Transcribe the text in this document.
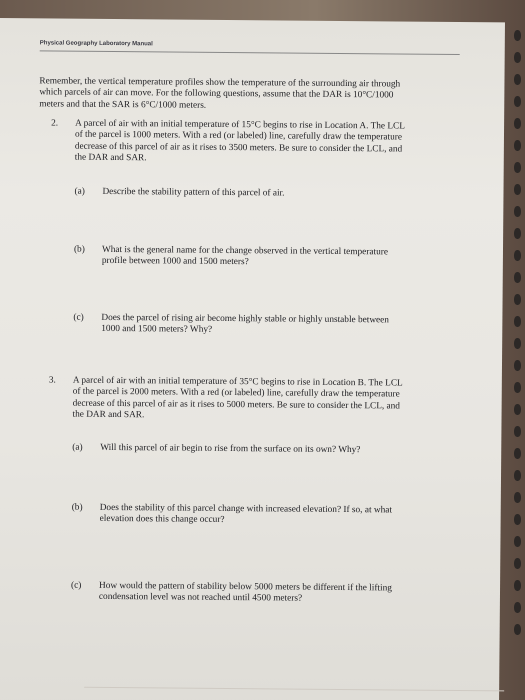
Physical Geography Laboratory Manual
Remember, the vertical temperature profiles show the temperature of the surrounding air through
which parcels of air can move. For the following questions, assume that the DAR is 10°C/1000
meters and that the SAR is 6°C/1000 meters.
2. A parcel of air with an initial temperature of 15°C begins to rise in Location A. The LCL
of the parcel is 1000 meters. With a red (or labeled) line, carefully draw the temperature
decrease of this parcel of air as it rises to 3500 meters. Be sure to consider the LCL, and
the DAR and SAR.
(a) Describe the stability pattern of this parcel of air.
(b) What is the general name for the change observed in the vertical temperature
profile between 1000 and 1500 meters?
(c) Does the parcel of rising air become highly stable or highly unstable between
1000 and 1500 meters? Why?
3. A parcel of air with an initial temperature of 35°C begins to rise in Location B. The LCL
of the parcel is 2000 meters. With a red (or labeled) line, carefully draw the temperature
decrease of this parcel of air as it rises to 5000 meters. Be sure to consider the LCL, and
the DAR and SAR.
(a) Will this parcel of air begin to rise from the surface on its own? Why?
(b) Does the stability of this parcel change with increased elevation? If so, at what
elevation does this change occur?
(c) How would the pattern of stability below 5000 meters be different if the lifting
condensation level was not reached until 4500 meters?
